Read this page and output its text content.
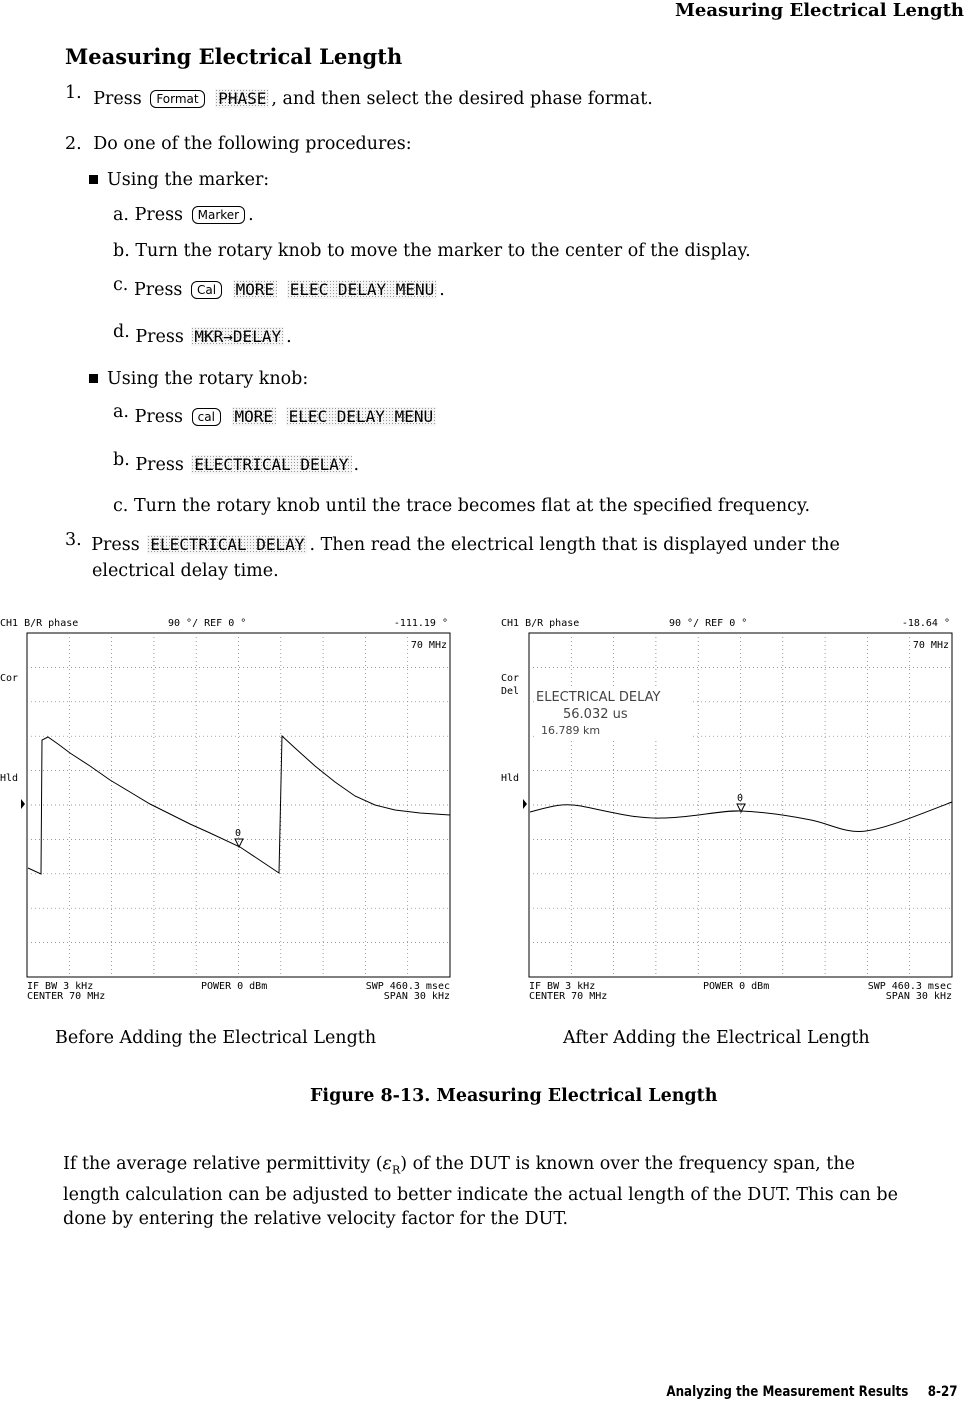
Measuring Electrical Length
Measuring Electrical Length
1. Press Format PHASE , and then select the desired phase format.
2. Do one of the following procedures:
Using the marker:
a. Press Marker .
b. Turn the rotary knob to move the marker to the center of the display.
c. Press Cal MORE ELEC DELAY MENU .
d. Press MKR→DELAY .
Using the rotary knob:
a. Press cal MORE ELEC DELAY MENU
b. Press ELECTRICAL DELAY .
c. Turn the rotary knob until the trace becomes flat at the specified frequency.
3. Press ELECTRICAL DELAY . Then read the electrical length that is displayed under the
electrical delay time.
CH1 B/R phase	90 °/ REF 0 °	-111.19 °
70 MHz
Cor
Hld
0
IF BW 3 kHz	POWER 0 dBm	SWP 460.3 msec
CENTER 70 MHz	SPAN 30 kHz
CH1 B/R phase	90 °/ REF 0 °	-18.64 °
70 MHz
Cor
Del
Hld
ELECTRICAL DELAY
56.032 us
16.789 km
0
IF BW 3 kHz	POWER 0 dBm	SWP 460.3 msec
CENTER 70 MHz	SPAN 30 kHz
Before Adding the Electrical Length	After Adding the Electrical Length
Figure 8-13. Measuring Electrical Length
If the average relative permittivity $(\varepsilon_R)$ of the DUT is known over the frequency span, the
length calculation can be adjusted to better indicate the actual length of the DUT. This can be
done by entering the relative velocity factor for the DUT.
Analyzing the Measurement Results 8-27
